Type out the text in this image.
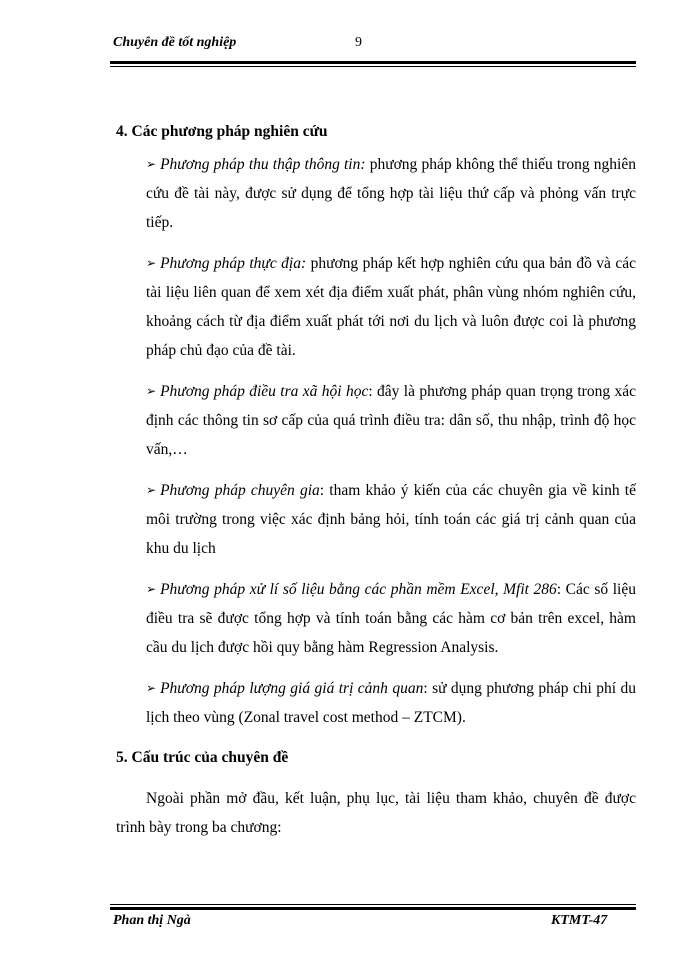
Chuyên đề tốt nghiệp	9

4. Các phương pháp nghiên cứu

➢ Phương pháp thu thập thông tin: phương pháp không thể thiếu trong nghiên cứu đề tài này, được sử dụng để tổng hợp tài liệu thứ cấp và phỏng vấn trực tiếp.

➢ Phương pháp thực địa: phương pháp kết hợp nghiên cứu qua bản đồ và các tài liệu liên quan để xem xét địa điểm xuất phát, phân vùng nhóm nghiên cứu, khoảng cách từ địa điểm xuất phát tới nơi du lịch và luôn được coi là phương pháp chủ đạo của đề tài.

➢ Phương pháp điều tra xã hội học: đây là phương pháp quan trọng trong xác định các thông tin sơ cấp của quá trình điều tra: dân số, thu nhập, trình độ học vấn,…

➢ Phương pháp chuyên gia: tham khảo ý kiến của các chuyên gia về kinh tế môi trường trong việc xác định bảng hỏi, tính toán các giá trị cảnh quan của khu du lịch

➢ Phương pháp xử lí số liệu bằng các phần mềm Excel, Mfit 286: Các số liệu điều tra sẽ được tổng hợp và tính toán bằng các hàm cơ bản trên excel, hàm cầu du lịch được hồi quy bằng hàm Regression Analysis.

➢ Phương pháp lượng giá giá trị cảnh quan: sử dụng phương pháp chi phí du lịch theo vùng (Zonal travel cost method – ZTCM).

5. Cấu trúc của chuyên đề

Ngoài phần mở đầu, kết luận, phụ lục, tài liệu tham khảo, chuyên đề được trình bày trong ba chương:

Phan thị Ngà	KTMT-47
